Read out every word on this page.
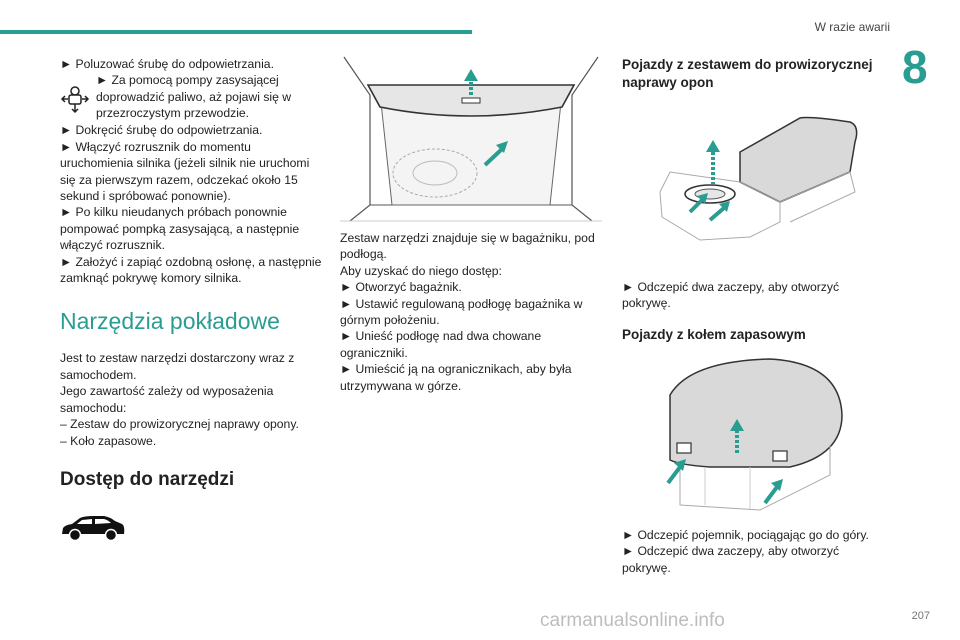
W razie awarii
8

► Poluzować śrubę do odpowietrzania.

► Za pomocą pompy zasysającej doprowadzić paliwo, aż pojawi się w przezroczystym przewodzie.

► Dokręcić śrubę do odpowietrzania.

► Włączyć rozrusznik do momentu uruchomienia silnika (jeżeli silnik nie uruchomi się za pierwszym razem, odczekać około 15 sekund i spróbować ponownie).

► Po kilku nieudanych próbach ponownie pompować pompką zasysającą, a następnie włączyć rozrusznik.

► Założyć i zapiąć ozdobną osłonę, a następnie zamknąć pokrywę komory silnika.

Narzędzia pokładowe

Jest to zestaw narzędzi dostarczony wraz z samochodem.

Jego zawartość zależy od wyposażenia samochodu:

– Zestaw do prowizorycznej naprawy opony.

– Koło zapasowe.

Dostęp do narzędzi

Zestaw narzędzi znajduje się w bagażniku, pod podłogą.

Aby uzyskać do niego dostęp:

► Otworzyć bagażnik.

► Ustawić regulowaną podłogę bagażnika w górnym położeniu.

► Unieść podłogę nad dwa chowane ograniczniki.

► Umieścić ją na ogranicznikach, aby była utrzymywana w górze.

Pojazdy z zestawem do prowizorycznej naprawy opon

► Odczepić dwa zaczepy, aby otworzyć pokrywę.

Pojazdy z kołem zapasowym

► Odczepić pojemnik, pociągając go do góry.

► Odczepić dwa zaczepy, aby otworzyć pokrywę.

207
carmanualsonline.info
